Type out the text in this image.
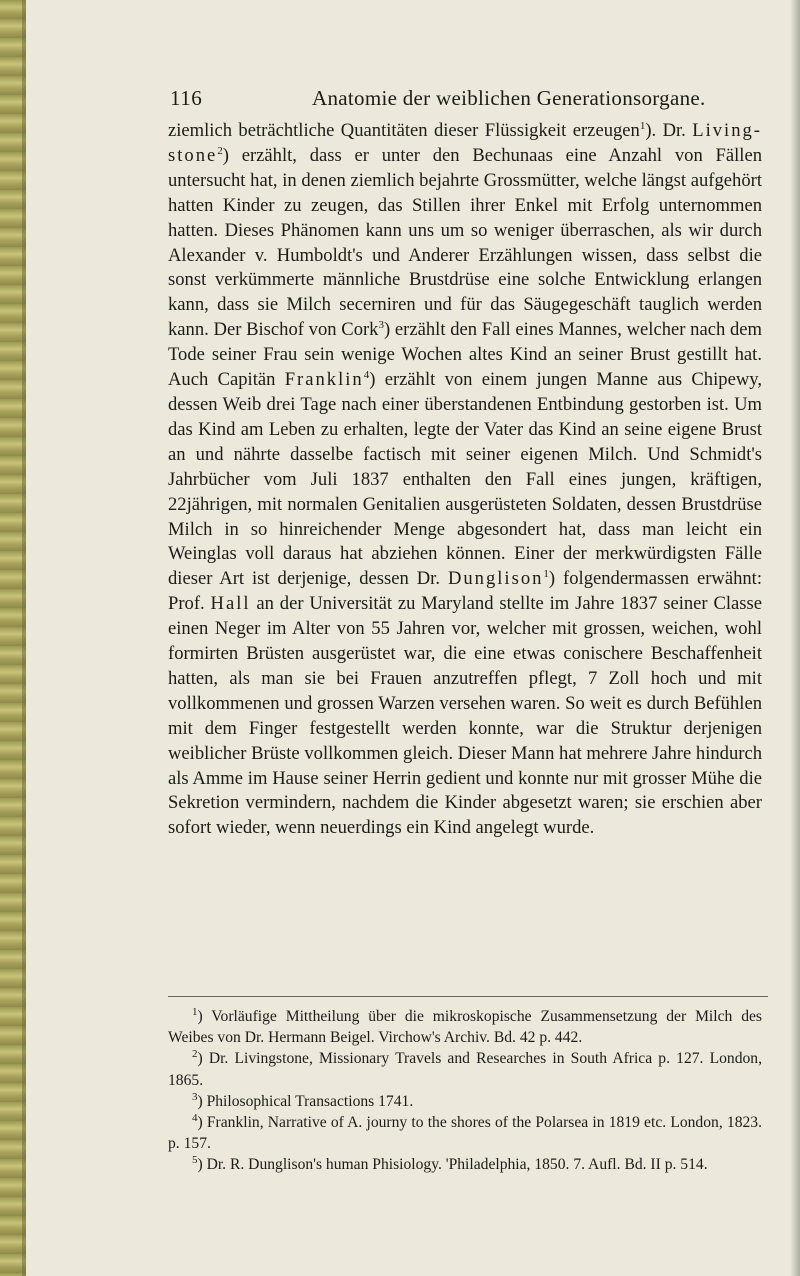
116	Anatomie der weiblichen Generationsorgane.

ziemlich beträchtliche Quantitäten dieser Flüssigkeit erzeugen$^1$). Dr. Living-stone$^2$) erzählt, dass er unter den Bechunaas eine Anzahl von Fällen untersucht hat, in denen ziemlich bejahrte Grossmütter, welche längst aufgehört hatten Kinder zu zeugen, das Stillen ihrer Enkel mit Erfolg unternommen hatten. Dieses Phänomen kann uns um so weniger überraschen, als wir durch Alexander v. Humboldt's und Anderer Erzählungen wissen, dass selbst die sonst verkümmerte männliche Brustdrüse eine solche Entwicklung erlangen kann, dass sie Milch secerniren und für das Säugegeschäft tauglich werden kann. Der Bischof von Cork$^3$) erzählt den Fall eines Mannes, welcher nach dem Tode seiner Frau sein wenige Wochen altes Kind an seiner Brust gestillt hat. Auch Capitän Franklin$^4$) erzählt von einem jungen Manne aus Chipewy, dessen Weib drei Tage nach einer überstandenen Entbindung gestorben ist. Um das Kind am Leben zu erhalten, legte der Vater das Kind an seine eigene Brust an und nährte dasselbe factisch mit seiner eigenen Milch. Und Schmidt's Jahrbücher vom Juli 1837 enthalten den Fall eines jungen, kräftigen, 22jährigen, mit normalen Genitalien ausgerüsteten Soldaten, dessen Brustdrüse Milch in so hinreichender Menge abgesondert hat, dass man leicht ein Weinglas voll daraus hat abziehen können. Einer der merkwürdigsten Fälle dieser Art ist derjenige, dessen Dr. Dunglison$^1$) folgendermassen erwähnt: Prof. Hall an der Universität zu Maryland stellte im Jahre 1837 seiner Classe einen Neger im Alter von 55 Jahren vor, welcher mit grossen, weichen, wohl formirten Brüsten ausgerüstet war, die eine etwas conischere Beschaffenheit hatten, als man sie bei Frauen anzutreffen pflegt, 7 Zoll hoch und mit vollkommenen und grossen Warzen versehen waren. So weit es durch Befühlen mit dem Finger festgestellt werden konnte, war die Struktur derjenigen weiblicher Brüste vollkommen gleich. Dieser Mann hat mehrere Jahre hindurch als Amme im Hause seiner Herrin gedient und konnte nur mit grosser Mühe die Sekretion vermindern, nachdem die Kinder abgesetzt waren; sie erschien aber sofort wieder, wenn neuerdings ein Kind angelegt wurde.

$^1$) Vorläufige Mittheilung über die mikroskopische Zusammensetzung der Milch des Weibes von Dr. Hermann Beigel. Virchow's Archiv. Bd. 42 p. 442.

$^2$) Dr. Livingstone, Missionary Travels and Researches in South Africa p. 127. London, 1865.

$^3$) Philosophical Transactions 1741.

$^4$) Franklin, Narrative of A. journy to the shores of the Polarsea in 1819 etc. London, 1823. p. 157.

$^5$) Dr. R. Dunglison's human Phisiology. 'Philadelphia, 1850. 7. Aufl. Bd. II p. 514.
